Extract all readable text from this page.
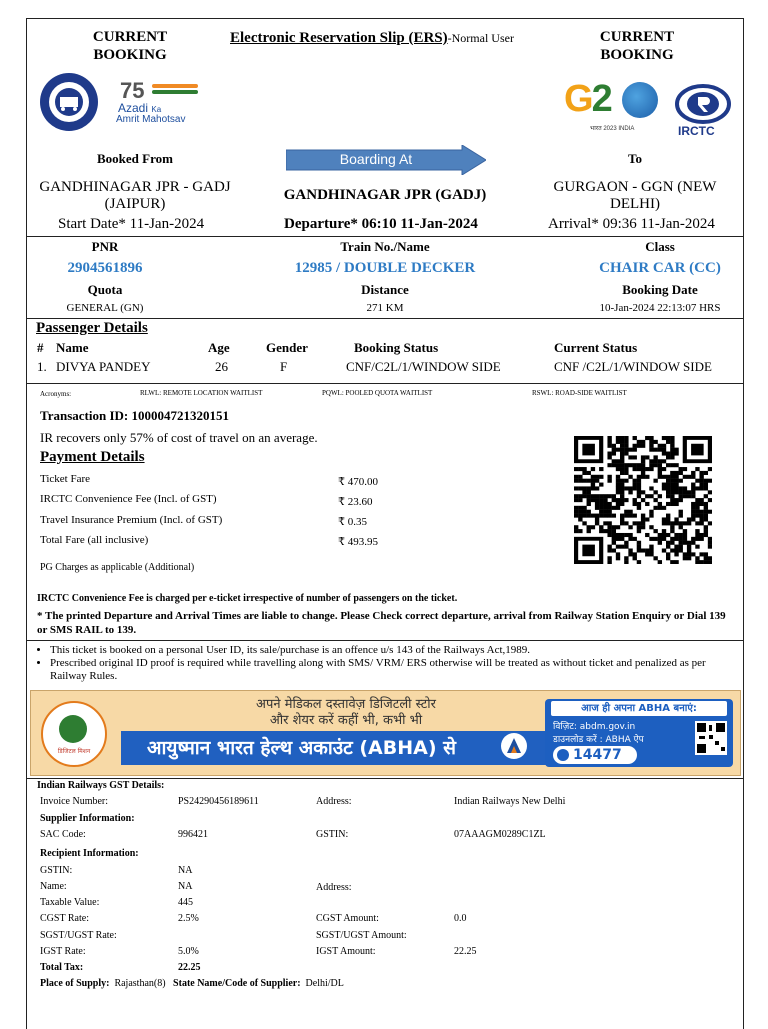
CURRENT
BOOKING
Electronic Reservation Slip (ERS)-Normal User	CURRENT
BOOKING
75
Azadi Ka
Amrit Mahotsav	G2
भारत 2023 INDIA	IRCTC
Booked From	Boarding At	To
GANDHINAGAR JPR - GADJ (JAIPUR)
GANDHINAGAR JPR (GADJ)	GURGAON - GGN (NEW DELHI)
Start Date* 11-Jan-2024	Departure* 06:10 11-Jan-2024	Arrival* 09:36 11-Jan-2024
PNR	Train No./Name	Class
2904561896	12985 / DOUBLE DECKER	CHAIR CAR (CC)
Quota	Distance	Booking Date
GENERAL (GN)	271 KM	10-Jan-2024 22:13:07 HRS
Passenger Details
# Name	Age	Gender	Booking Status	Current Status
1. DIVYA PANDEY	26	F	CNF/C2L/1/WINDOW SIDE	CNF /C2L/1/WINDOW SIDE
Acronyms:	RLWL: REMOTE LOCATION WAITLIST	PQWL: POOLED QUOTA WAITLIST	RSWL: ROAD-SIDE WAITLIST
Transaction ID: 100004721320151
IR recovers only 57% of cost of travel on an average.
Payment Details
Ticket Fare	₹ 470.00
IRCTC Convenience Fee (Incl. of GST)	₹ 23.60
Travel Insurance Premium (Incl. of GST)	₹ 0.35
Total Fare (all inclusive)	₹ 493.95
PG Charges as applicable (Additional)
IRCTC Convenience Fee is charged per e-ticket irrespective of number of passengers on the ticket.
* The printed Departure and Arrival Times are liable to change. Please Check correct departure, arrival from Railway Station Enquiry or Dial 139 or SMS RAIL to 139.
• This ticket is booked on a personal User ID, its sale/purchase is an offence u/s 143 of the Railways Act,1989.
• Prescribed original ID proof is required while travelling along with SMS/ VRM/ ERS otherwise will be treated as without ticket and penalized as per Railway Rules.
डिजिटल मिशन
अपने मेडिकल दस्तावेज़ डिजिटली स्टोर
और शेयर करें कहीं भी, कभी भी
आयुष्मान भारत हेल्थ अकाउंट (ABHA) से
आज ही अपना ABHA बनाएं:
विज़िट: abdm.gov.in
डाउनलोड करें : ABHA ऐप
14477
Indian Railways GST Details:
Invoice Number:	PS24290456189611	Address:	Indian Railways New Delhi
Supplier Information:
SAC Code:	996421	GSTIN:	07AAAGM0289C1ZL
Recipient Information:
GSTIN:	NA
Name:	NA	Address:
Taxable Value:	445
CGST Rate:	2.5%	CGST Amount:	0.0
SGST/UGST Rate:	SGST/UGST Amount:
IGST Rate:	5.0%	IGST Amount:	22.25
Total Tax:	22.25
Place of Supply: Rajasthan(8) State Name/Code of Supplier: Delhi/DL
